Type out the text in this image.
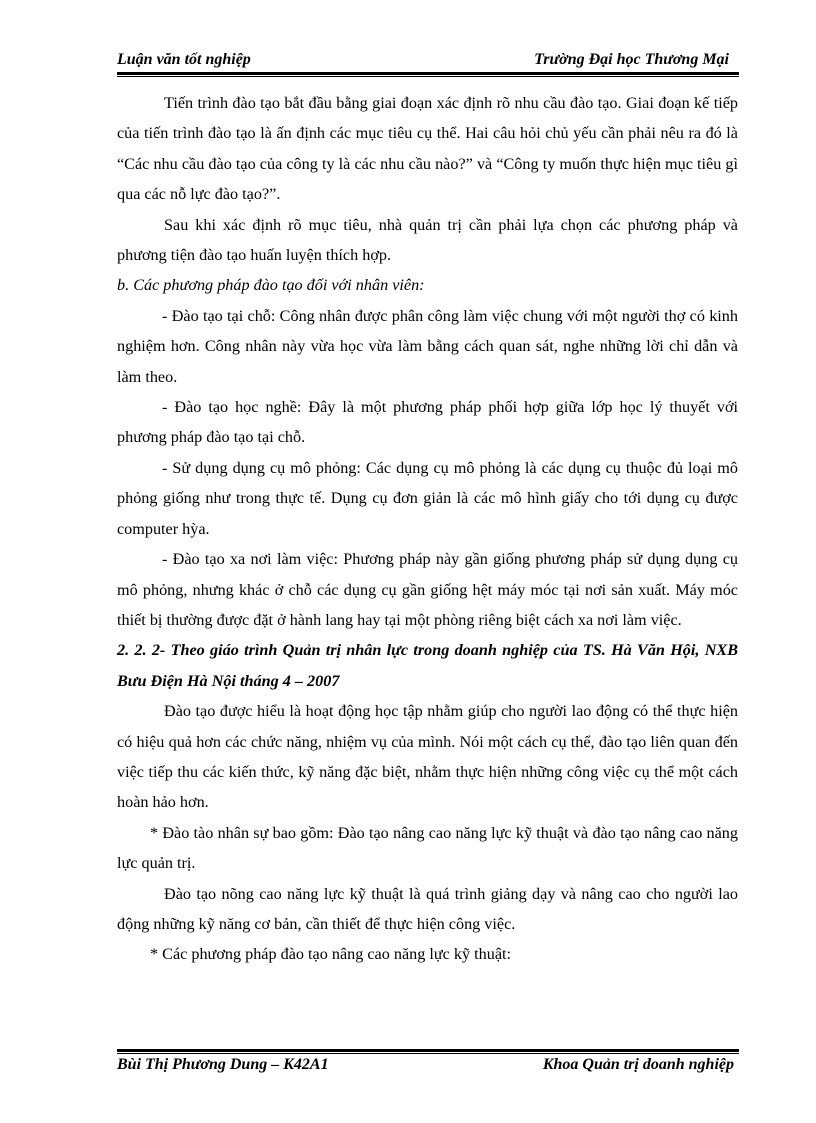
Luận văn tốt nghiệp	Trường Đại học Thương Mại

Tiến trình đào tạo bắt đầu bằng giai đoạn xác định rõ nhu cầu đào tạo. Giai đoạn kế tiếp của tiến trình đào tạo là ấn định các mục tiêu cụ thể. Hai câu hỏi chủ yếu cần phải nêu ra đó là “Các nhu cầu đào tạo của công ty là các nhu cầu nào?” và “Công ty muốn thực hiện mục tiêu gì qua các nỗ lực đào tạo?”.

Sau khi xác định rõ mục tiêu, nhà quản trị cần phải lựa chọn các phương pháp và phương tiện đào tạo huấn luyện thích hợp.

b. Các phương pháp đào tạo đối với nhân viên:

- Đào tạo tại chỗ: Công nhân được phân công làm việc chung với một người thợ có kinh nghiệm hơn. Công nhân này vừa học vừa làm bằng cách quan sát, nghe những lời chỉ dẫn và làm theo.

- Đào tạo học nghề: Đây là một phương pháp phối hợp giữa lớp học lý thuyết với phương pháp đào tạo tại chỗ.

- Sử dụng dụng cụ mô phỏng: Các dụng cụ mô phỏng là các dụng cụ thuộc đủ loại mô phỏng giống như trong thực tế. Dụng cụ đơn giản là các mô hình giấy cho tới dụng cụ được computer hỳa.

- Đào tạo xa nơi làm việc: Phương pháp này gần giống phương pháp sử dụng dụng cụ mô phỏng, nhưng khác ở chỗ các dụng cụ gần giống hệt máy móc tại nơi sản xuất. Máy móc thiết bị thường được đặt ở hành lang hay tại một phòng riêng biệt cách xa nơi làm việc.

2. 2. 2- Theo giáo trình Quản trị nhân lực trong doanh nghiệp của TS. Hà Văn Hội, NXB Bưu Điện Hà Nội tháng 4 – 2007

Đào tạo được hiểu là hoạt động học tập nhằm giúp cho người lao động có thể thực hiện có hiệu quả hơn các chức năng, nhiệm vụ của mình. Nói một cách cụ thể, đào tạo liên quan đến việc tiếp thu các kiến thức, kỹ năng đặc biệt, nhằm thực hiện những công việc cụ thể một cách hoàn hảo hơn.

* Đào tào nhân sự bao gồm: Đào tạo nâng cao năng lực kỹ thuật và đào tạo nâng cao năng lực quản trị.

Đào tạo nõng cao năng lực kỹ thuật là quá trình giảng dạy và nâng cao cho người lao động những kỹ năng cơ bản, cần thiết để thực hiện công việc.

* Các phương pháp đào tạo nâng cao năng lực kỹ thuật:

Bùi Thị Phương Dung – K42A1	Khoa Quản trị doanh nghiệp
